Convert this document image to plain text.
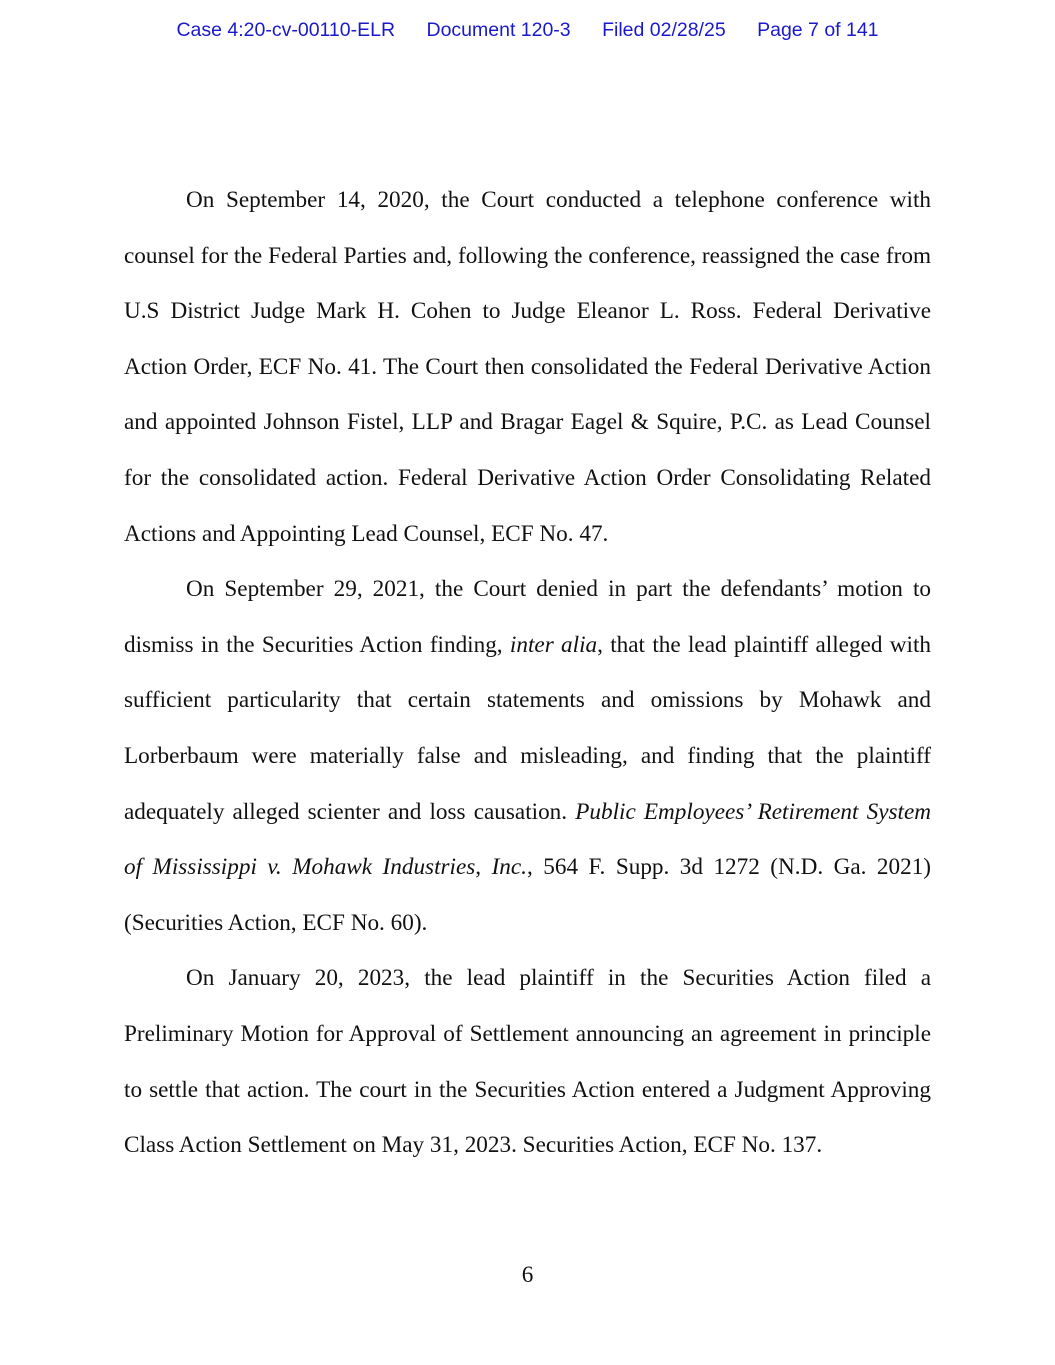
Case 4:20-cv-00110-ELR Document 120-3 Filed 02/28/25 Page 7 of 141

On September 14, 2020, the Court conducted a telephone conference with counsel for the Federal Parties and, following the conference, reassigned the case from U.S District Judge Mark H. Cohen to Judge Eleanor L. Ross. Federal Derivative Action Order, ECF No. 41. The Court then consolidated the Federal Derivative Action and appointed Johnson Fistel, LLP and Bragar Eagel & Squire, P.C. as Lead Counsel for the consolidated action. Federal Derivative Action Order Consolidating Related Actions and Appointing Lead Counsel, ECF No. 47.

On September 29, 2021, the Court denied in part the defendants’ motion to dismiss in the Securities Action finding, inter alia, that the lead plaintiff alleged with sufficient particularity that certain statements and omissions by Mohawk and Lorberbaum were materially false and misleading, and finding that the plaintiff adequately alleged scienter and loss causation. Public Employees’ Retirement System of Mississippi v. Mohawk Industries, Inc., 564 F. Supp. 3d 1272 (N.D. Ga. 2021) (Securities Action, ECF No. 60).

On January 20, 2023, the lead plaintiff in the Securities Action filed a Preliminary Motion for Approval of Settlement announcing an agreement in principle to settle that action. The court in the Securities Action entered a Judgment Approving Class Action Settlement on May 31, 2023. Securities Action, ECF No. 137.

6
